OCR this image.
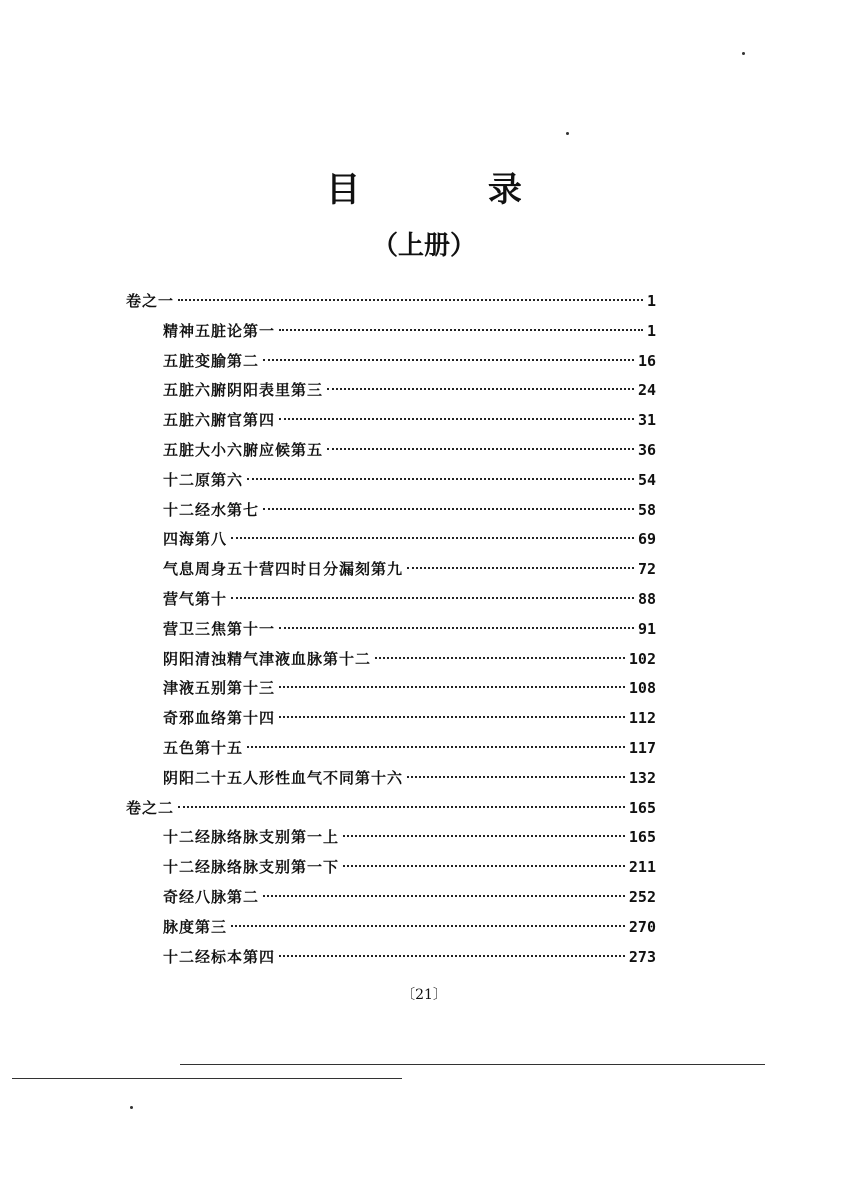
目 录
（上册）
卷之一	1
精神五脏论第一	1
五脏变腧第二	16
五脏六腑阴阳表里第三	24
五脏六腑官第四	31
五脏大小六腑应候第五	36
十二原第六	54
十二经水第七	58
四海第八	69
气息周身五十营四时日分漏刻第九	72
营气第十	88
营卫三焦第十一	91
阴阳清浊精气津液血脉第十二	102
津液五别第十三	108
奇邪血络第十四	112
五色第十五	117
阴阳二十五人形性血气不同第十六	132
卷之二	165
十二经脉络脉支别第一上	165
十二经脉络脉支别第一下	211
奇经八脉第二	252
脉度第三	270
十二经标本第四	273
〔21〕
